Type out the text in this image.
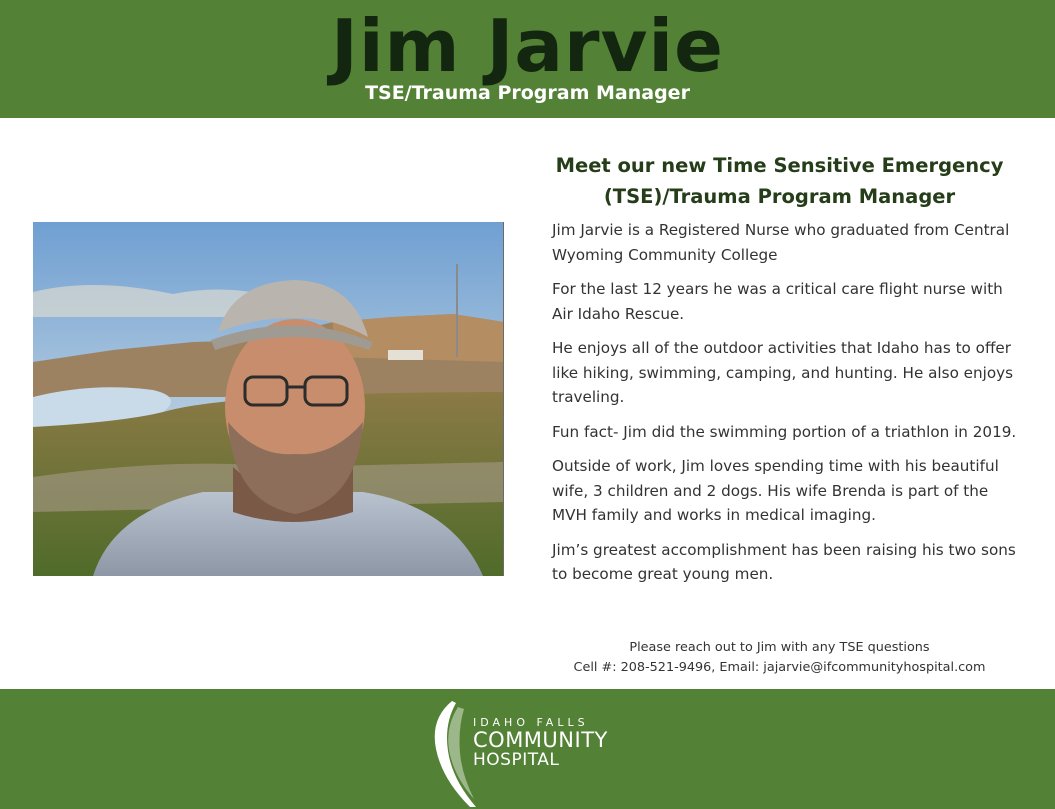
Jim Jarvie
TSE/Trauma Program Manager
Meet our new Time Sensitive Emergency
(TSE)/Trauma Program Manager

Jim Jarvie is a Registered Nurse who graduated from Central Wyoming Community College

For the last 12 years he was a critical care flight nurse with Air Idaho Rescue.

He enjoys all of the outdoor activities that Idaho has to offer like hiking, swimming, camping, and hunting. He also enjoys traveling.

Fun fact- Jim did the swimming portion of a triathlon in 2019.

Outside of work, Jim loves spending time with his beautiful wife, 3 children and 2 dogs. His wife Brenda is part of the MVH family and works in medical imaging.

Jim’s greatest accomplishment has been raising his two sons to become great young men.

Please reach out to Jim with any TSE questions
Cell #: 208-521-9496, Email: jajarvie@ifcommunityhospital.com
IDAHO FALLS
COMMUNITY
HOSPITAL
